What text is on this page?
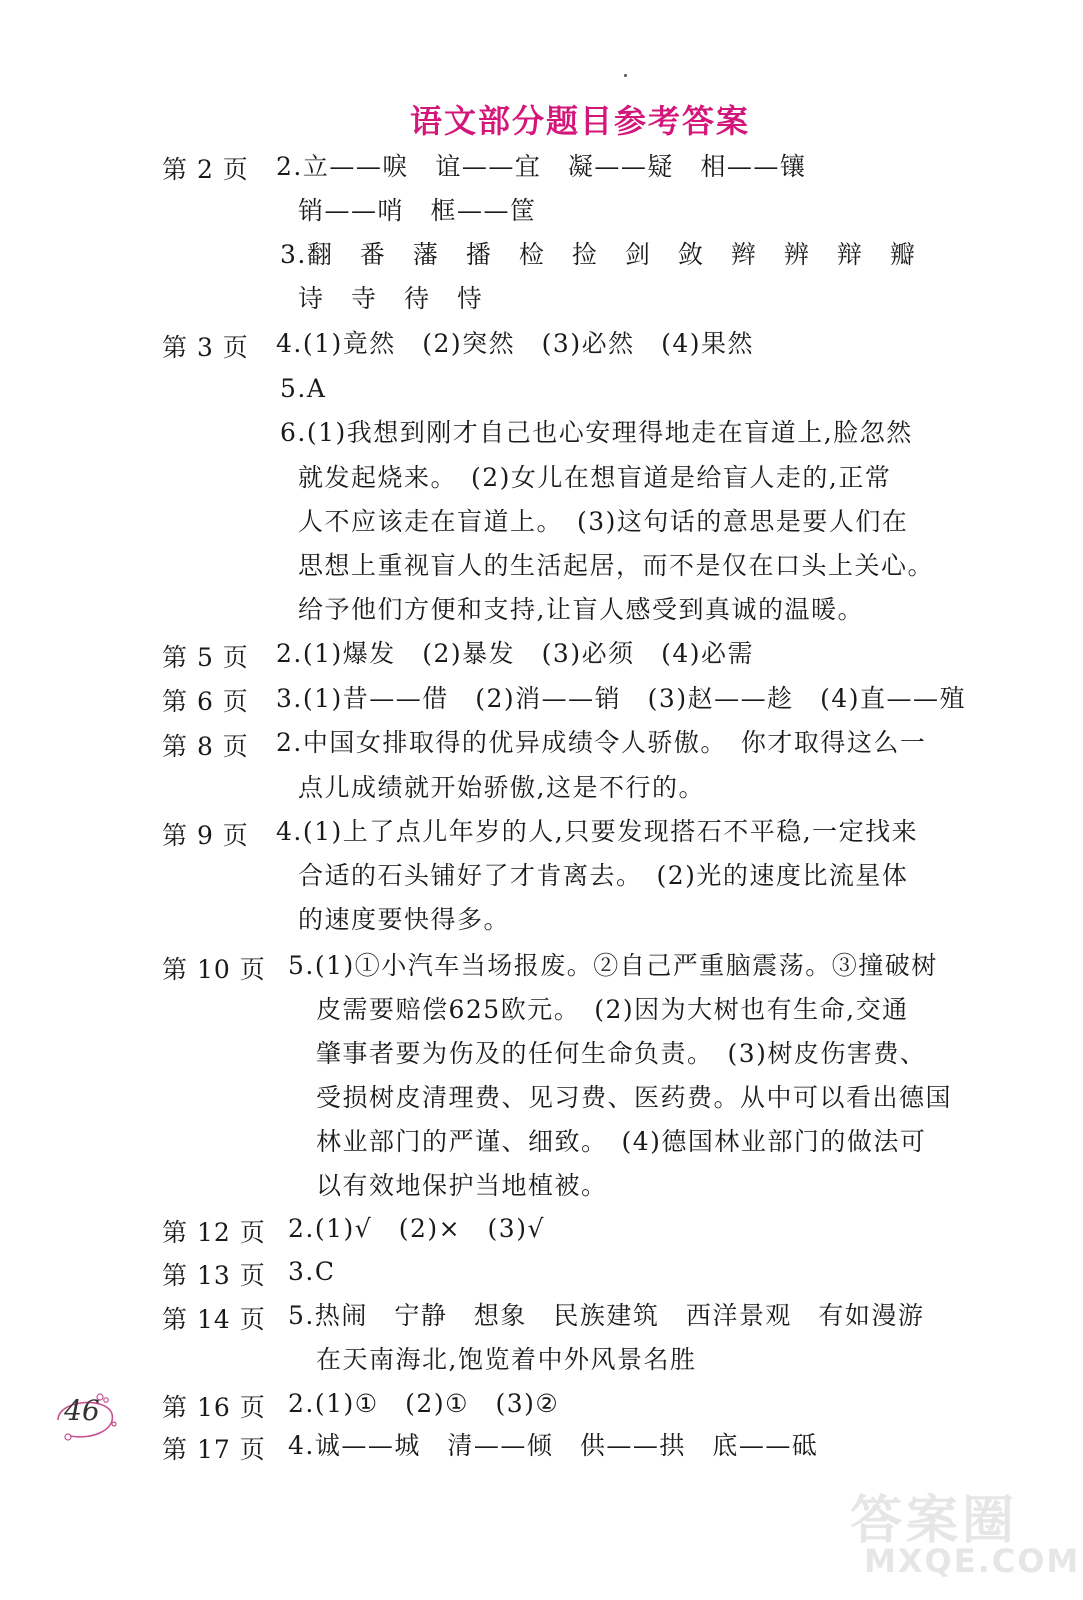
语文部分题目参考答案
第 2 页
第 3 页
第 5 页
第 6 页
第 8 页
第 9 页
第 10 页
第 12 页
第 13 页
第 14 页
第 16 页
第 17 页
2.立——唳　谊——宜　凝——疑　相——镶
销——哨　框——筐
3.翻　番　藩　播　检　捡　剑　敛　辫　辨　辩　瓣
诗　寺　待　恃
4.(1)竟然　(2)突然　(3)必然　(4)果然
5.A
6.(1)我想到刚才自己也心安理得地走在盲道上,脸忽然
就发起烧来。　(2)女儿在想盲道是给盲人走的,正常
人不应该走在盲道上。　(3)这句话的意思是要人们在
思想上重视盲人的生活起居，而不是仅在口头上关心。
给予他们方便和支持,让盲人感受到真诚的温暖。
2.(1)爆发　(2)暴发　(3)必须　(4)必需
3.(1)昔——借　(2)消——销　(3)赵——趁　(4)直——殖
2.中国女排取得的优异成绩令人骄傲。　你才取得这么一
点儿成绩就开始骄傲,这是不行的。
4.(1)上了点儿年岁的人,只要发现搭石不平稳,一定找来
合适的石头铺好了才肯离去。　(2)光的速度比流星体
的速度要快得多。
5.(1)①小汽车当场报废。②自己严重脑震荡。③撞破树
皮需要赔偿625欧元。　(2)因为大树也有生命,交通
肇事者要为伤及的任何生命负责。　(3)树皮伤害费、
受损树皮清理费、见习费、医药费。从中可以看出德国
林业部门的严谨、细致。　(4)德国林业部门的做法可
以有效地保护当地植被。
2.(1)√　(2)×　(3)√
3.C
5.热闹　宁静　想象　民族建筑　西洋景观　有如漫游
在天南海北,饱览着中外风景名胜
2.(1)①　(2)①　(3)②
4.诚——城　清——倾　供——拱　底——砥
46
答案圈
MXQE.COM
